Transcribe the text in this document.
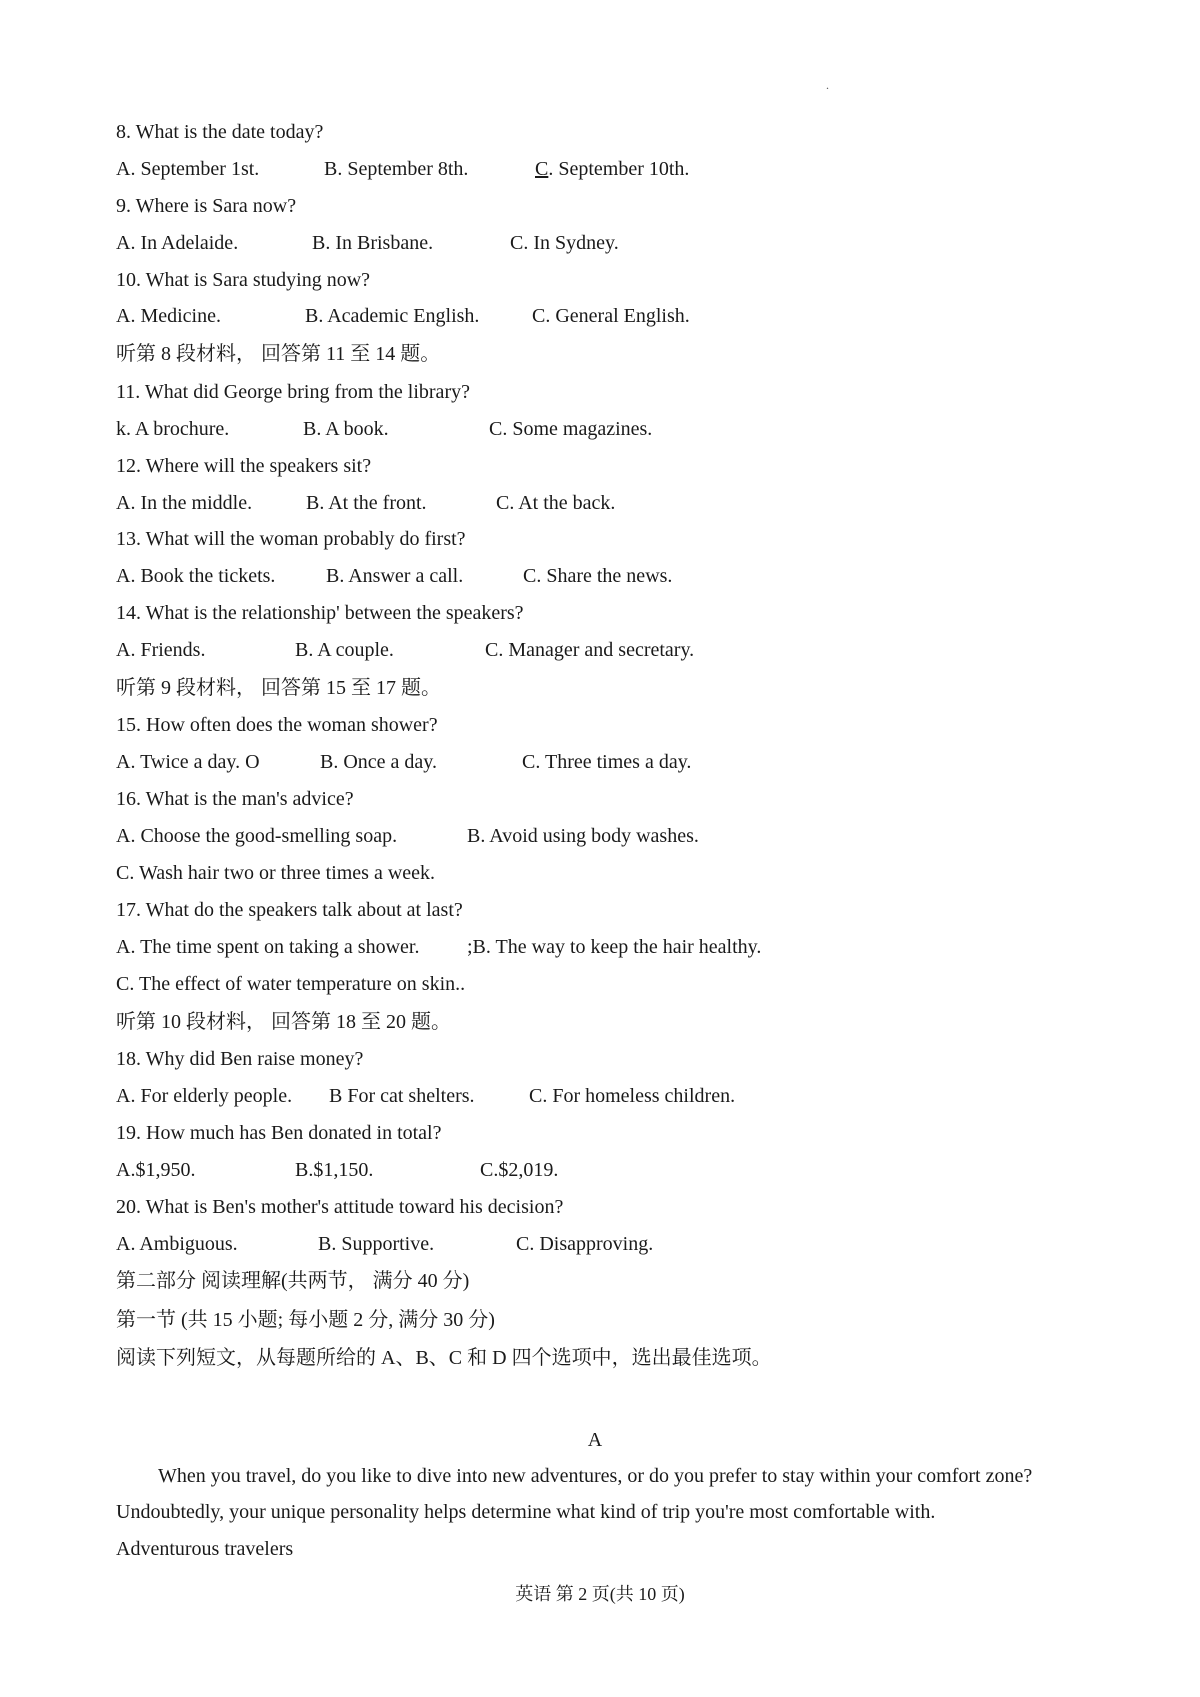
.
8. What is the date today?
A. September 1st.	B. September 8th.	C. September 10th.
9. Where is Sara now?
A. In Adelaide.	B. In Brisbane.	C. In Sydney.
10. What is Sara studying now?
A. Medicine.	B. Academic English.	C. General English.
听第 8 段材料， 回答第 11 至 14 题。
11. What did George bring from the library?
k. A brochure.	B. A book.	C. Some magazines.
12. Where will the speakers sit?
A. In the middle.	B. At the front.	C. At the back.
13. What will the woman probably do first?
A. Book the tickets.	B. Answer a call.	C. Share the news.
14. What is the relationship' between the speakers?
A. Friends.	B. A couple.	C. Manager and secretary.
听第 9 段材料， 回答第 15 至 17 题。
15. How often does the woman shower?
A. Twice a day. O	B. Once a day.	C. Three times a day.
16. What is the man's advice?
A. Choose the good-smelling soap.	B. Avoid using body washes.
C. Wash hair two or three times a week.
17. What do the speakers talk about at last?
A. The time spent on taking a shower. ;B. The way to keep the hair healthy.
C. The effect of water temperature on skin..
听第 10 段材料， 回答第 18 至 20 题。
18. Why did Ben raise money?
A. For elderly people. B For cat shelters.	C. For homeless children.
19. How much has Ben donated in total?
A.$1,950.	B.$1,150.	C.$2,019.
20. What is Ben's mother's attitude toward his decision?
A. Ambiguous.	B. Supportive.	C. Disapproving.
第二部分 阅读理解(共两节， 满分 40 分)
第一节 (共 15 小题; 每小题 2 分, 满分 30 分)
阅读下列短文，从每题所给的 A、B、C 和 D 四个选项中，选出最佳选项。
A
When you travel, do you like to dive into new adventures, or do you prefer to stay within your comfort zone? Undoubtedly, your unique personality helps determine what kind of trip you're most comfortable with.
Adventurous travelers
英语 第 2 页(共 10 页)
